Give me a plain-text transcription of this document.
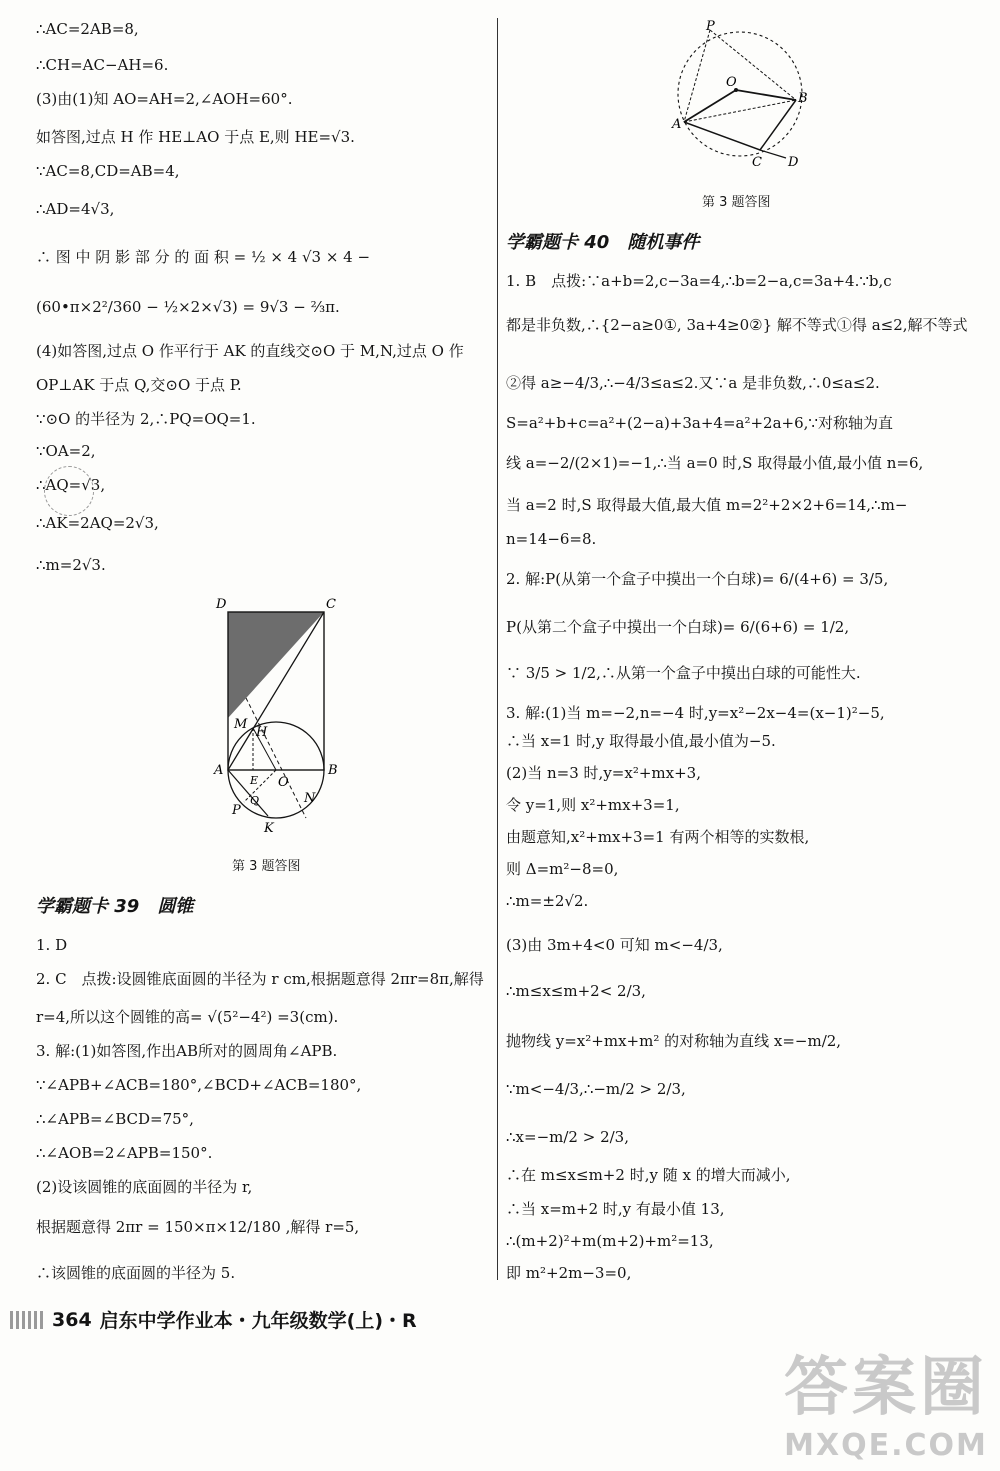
∴AC=2AB=8,
∴CH=AC−AH=6.
(3)由(1)知 AO=AH=2,∠AOH=60°.
如答图,过点 H 作 HE⊥AO 于点 E,则 HE=√3.
∵AC=8,CD=AB=4,
∴AD=4√3,
∴ 图 中 阴 影 部 分 的 面 积 = ½ × 4 √3 × 4 −
(60•π×2²/360 − ½×2×√3) = 9√3 − ⅔π.
(4)如答图,过点 O 作平行于 AK 的直线交⊙O 于 M,N,过点 O 作
OP⊥AK 于点 Q,交⊙O 于点 P.
∵⊙O 的半径为 2,∴PQ=OQ=1.
∵OA=2,
∴AQ=√3,
∴AK=2AQ=2√3,
∴m=2√3.
D	C
M
H
A
E O
B
Q
P
N
K
第 3 题答图
学霸题卡 39　圆锥
1. D
2. C　点拨:设圆锥底面圆的半径为 r cm,根据题意得 2πr=8π,解得
r=4,所以这个圆锥的高= √(5²−4²) =3(cm).
3. 解:(1)如答图,作出AB所对的圆周角∠APB.
∵∠APB+∠ACB=180°,∠BCD+∠ACB=180°,
∴∠APB=∠BCD=75°,
∴∠AOB=2∠APB=150°.
(2)设该圆锥的底面圆的半径为 r,
根据题意得 2πr = 150×π×12/180 ,解得 r=5,
∴该圆锥的底面圆的半径为 5.
P
O
B
A
C D
第 3 题答图
学霸题卡 40　随机事件
1. B　点拨:∵a+b=2,c−3a=4,∴b=2−a,c=3a+4.∵b,c
都是非负数,∴{2−a≥0①, 3a+4≥0②} 解不等式①得 a≤2,解不等式
②得 a≥−4/3,∴−4/3≤a≤2.又∵a 是非负数,∴0≤a≤2.
S=a²+b+c=a²+(2−a)+3a+4=a²+2a+6,∵对称轴为直
线 a=−2/(2×1)=−1,∴当 a=0 时,S 取得最小值,最小值 n=6,
当 a=2 时,S 取得最大值,最大值 m=2²+2×2+6=14,∴m−
n=14−6=8.
2. 解:P(从第一个盒子中摸出一个白球)= 6/(4+6) = 3/5,
P(从第二个盒子中摸出一个白球)= 6/(6+6) = 1/2,
∵ 3/5 > 1/2,∴从第一个盒子中摸出白球的可能性大.
3. 解:(1)当 m=−2,n=−4 时,y=x²−2x−4=(x−1)²−5,
∴当 x=1 时,y 取得最小值,最小值为−5.
(2)当 n=3 时,y=x²+mx+3,
令 y=1,则 x²+mx+3=1,
由题意知,x²+mx+3=1 有两个相等的实数根,
则 Δ=m²−8=0,
∴m=±2√2.
(3)由 3m+4<0 可知 m<−4/3,
∴m≤x≤m+2< 2/3,
抛物线 y=x²+mx+m² 的对称轴为直线 x=−m/2,
∵m<−4/3,∴−m/2 > 2/3,
∴x=−m/2 > 2/3,
∴在 m≤x≤m+2 时,y 随 x 的增大而减小,
∴当 x=m+2 时,y 有最小值 13,
∴(m+2)²+m(m+2)+m²=13,
即 m²+2m−3=0,
364 启东中学作业本・九年级数学(上)・R
答案圈
MXQE.COM
